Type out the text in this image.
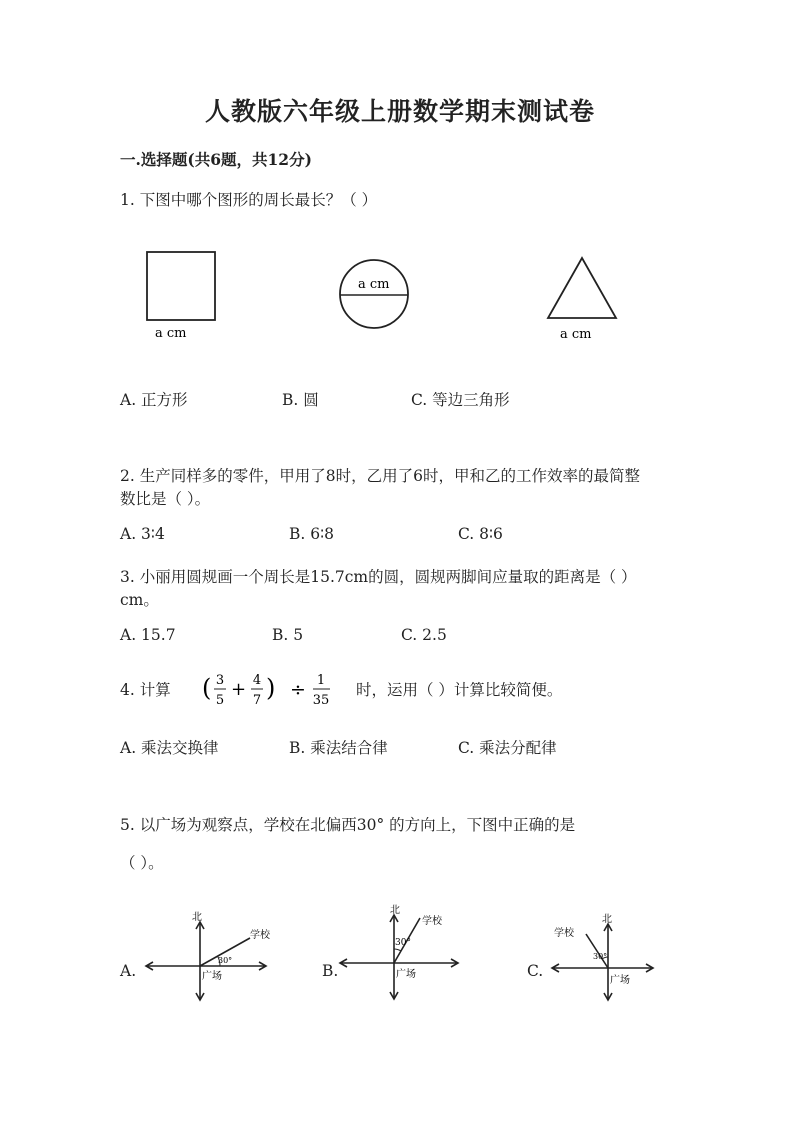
人教版六年级上册数学期末测试卷
一.选择题(共6题，共12分)
1. 下图中哪个图形的周长最长？（ ）
a cm
a cm
a cm
A. 正方形	B. 圆	C. 等边三角形
2. 生产同样多的零件，甲用了8时，乙用了6时，甲和乙的工作效率的最简整
数比是（ ）。
A. 3∶4	B. 6∶8	C. 8∶6
3. 小丽用圆规画一个周长是15.7cm的圆，圆规两脚间应量取的距离是（ ）
cm。
A. 15.7	B. 5	C. 2.5
4. 计算 ( 3
5
+ 4
7 ) ÷ 1
35
时，运用（ ）计算比较简便。
A. 乘法交换律	B. 乘法结合律	C. 乘法分配律
5. 以广场为观察点，学校在北偏西30° 的方向上，下图中正确的是
（ ）。
A.	B.	C.
北
学校
30°
广场
北
学校
30°
广场
北
学校
30°
广场
